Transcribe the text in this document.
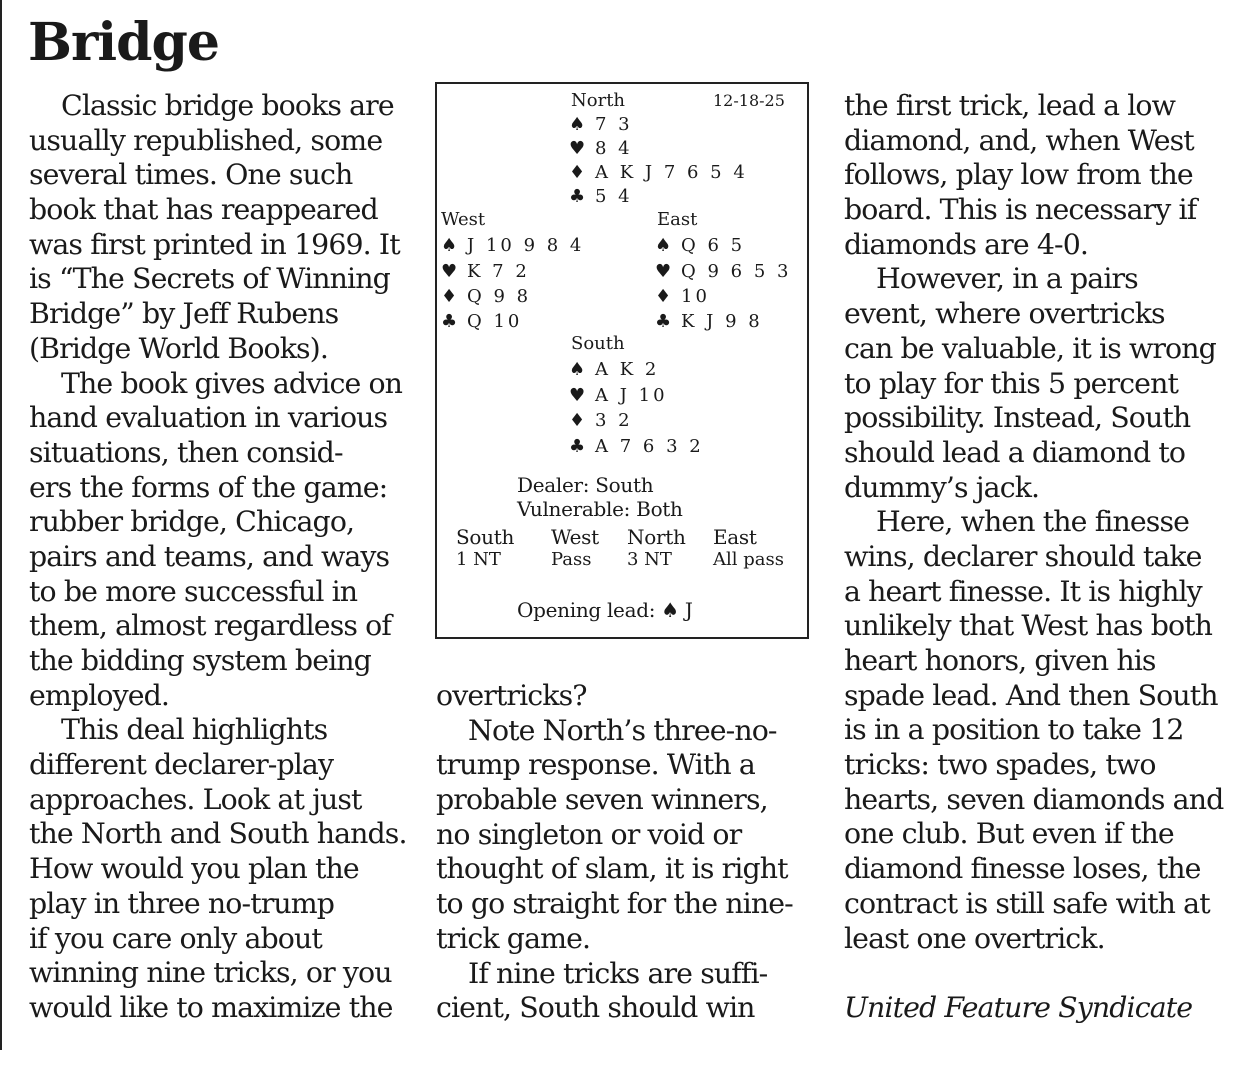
Bridge
Classic bridge books are
usually republished, some
several times. One such
book that has reappeared
was first printed in 1969. It
is “The Secrets of Winning
Bridge” by Jeff Rubens
(Bridge World Books).
The book gives advice on
hand evaluation in various
situations, then consid-
ers the forms of the game:
rubber bridge, Chicago,
pairs and teams, and ways
to be more successful in
them, almost regardless of
the bidding system being
employed.
This deal highlights
different declarer-play
approaches. Look at just
the North and South hands.
How would you plan the
play in three no-trump
if you care only about
winning nine tricks, or you
would like to maximize the
overtricks?
Note North’s three-no-
trump response. With a
probable seven winners,
no singleton or void or
thought of slam, it is right
to go straight for the nine-
trick game.
If nine tricks are suffi-
cient, South should win
the first trick, lead a low
diamond, and, when West
follows, play low from the
board. This is necessary if
diamonds are 4-0.
However, in a pairs
event, where overtricks
can be valuable, it is wrong
to play for this 5 percent
possibility. Instead, South
should lead a diamond to
dummy’s jack.
Here, when the finesse
wins, declarer should take
a heart finesse. It is highly
unlikely that West has both
heart honors, given his
spade lead. And then South
is in a position to take 12
tricks: two spades, two
hearts, seven diamonds and
one club. But even if the
diamond finesse loses, the
contract is still safe with at
least one overtrick.
United Feature Syndicate
North	12-18-25
♠ 7 3
♥ 8 4
♦ A K J 7 6 5 4
♣ 5 4
West
♠ J 10 9 8 4
♥ K 7 2
♦ Q 9 8
♣ Q 10
East
♠ Q 6 5
♥ Q 9 6 5 3
♦ 10
♣ K J 9 8
South
♠ A K 2
♥ A J 10
♦ 3 2
♣ A 7 6 3 2
Dealer: South
Vulnerable: Both
South
1 NT
West
Pass
North
3 NT
East
All pass
Opening lead: ♠ J
